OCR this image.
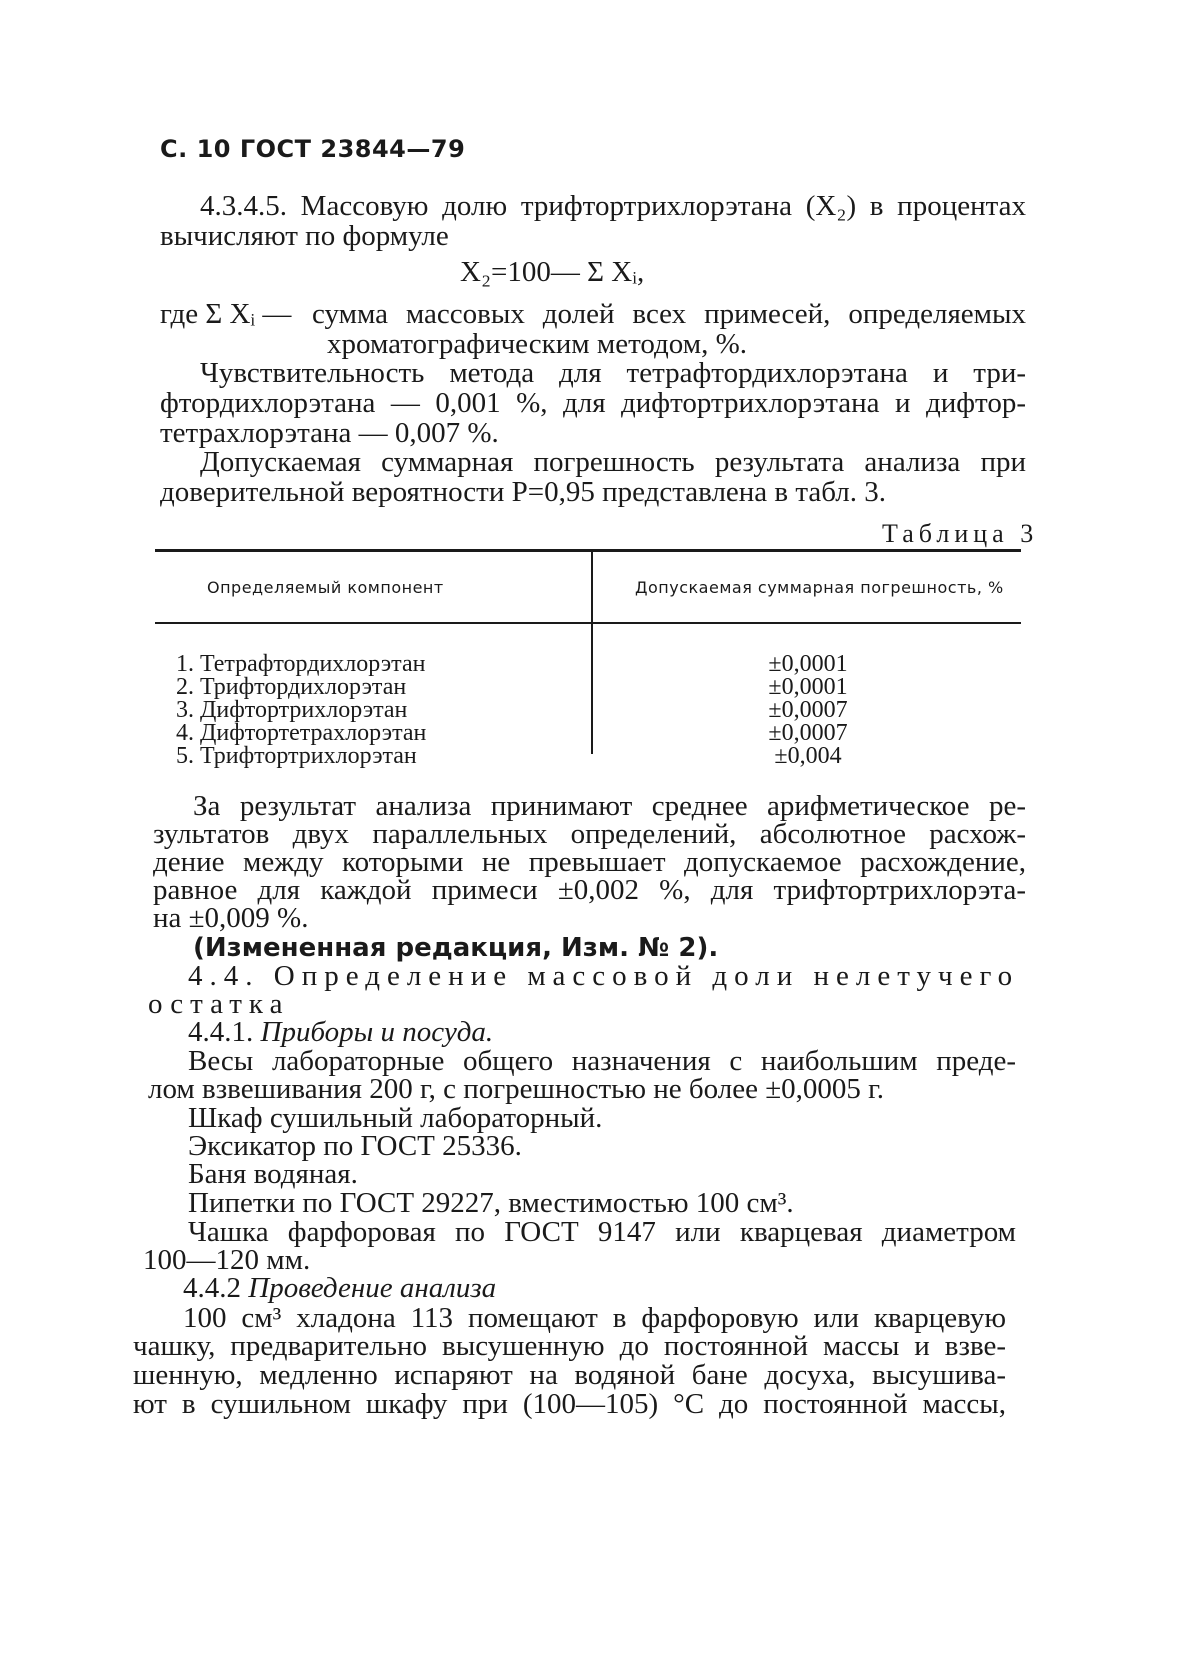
С. 10 ГОСТ 23844—79
4.3.4.5. Массовую долю трифтортрихлорэтана (X₂) в процентах
вычисляют по формуле
X₂=100— Σ Xᵢ,
где Σ Xᵢ — сумма массовых долей всех примесей, определяемых
хроматографическим методом, %.
Чувствительность метода для тетрафтордихлорэтана и три-
фтордихлорэтана — 0,001 %, для дифтортрихлорэтана и дифтор-
тетрахлорэтана — 0,007 %.
Допускаемая суммарная погрешность результата анализа при
доверительной вероятности P=0,95 представлена в табл. 3.
Таблица 3
Определяемый компонент	Допускаемая суммарная погрешность, %
1. Тетрафтордихлорэтан	±0,0001
2. Трифтордихлорэтан	±0,0001
3. Дифтортрихлорэтан	±0,0007
4. Дифтортетрахлорэтан	±0,0007
5. Трифтортрихлорэтан	±0,004
За результат анализа принимают среднее арифметическое ре-
зультатов двух параллельных определений, абсолютное расхож-
дение между которыми не превышает допускаемое расхождение,
равное для каждой примеси ±0,002 %, для трифтортрихлорэта-
на ±0,009 %.
(Измененная редакция, Изм. № 2).
4.4. Определение массовой доли нелетучего
остатка
4.4.1. Приборы и посуда.
Весы лабораторные общего назначения с наибольшим преде-
лом взвешивания 200 г, с погрешностью не более ±0,0005 г.
Шкаф сушильный лабораторный.
Эксикатор по ГОСТ 25336.
Баня водяная.
Пипетки по ГОСТ 29227, вместимостью 100 см³.
Чашка фарфоровая по ГОСТ 9147 или кварцевая диаметром
100—120 мм.
4.4.2 Проведение анализа
100 см³ хладона 113 помещают в фарфоровую или кварцевую
чашку, предварительно высушенную до постоянной массы и взве-
шенную, медленно испаряют на водяной бане досуха, высушива-
ют в сушильном шкафу при (100—105) °С до постоянной массы,
